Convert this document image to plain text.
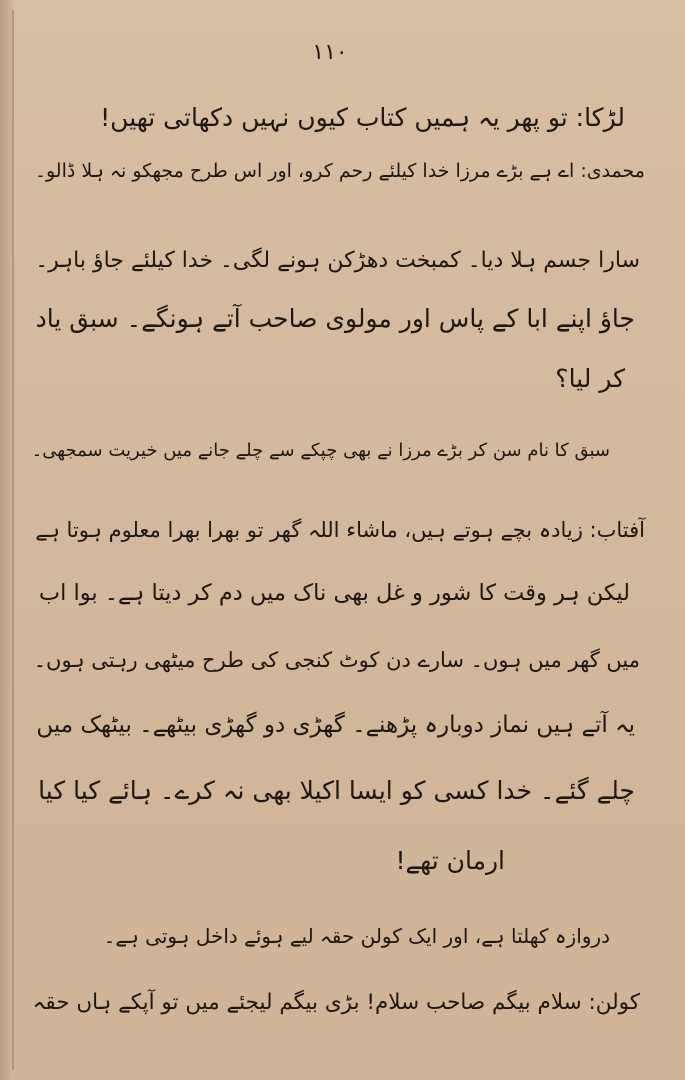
۱۱۰
لڑکا: تو پھر یہ ہمیں کتاب کیوں نہیں دکھاتی تھیں!
محمدی: اے ہے بڑے مرزا خدا کیلئے رحم کرو، اور اس طرح مجھکو نہ ہلا ڈالو۔
سارا جسم ہلا دیا۔ کمبخت دھڑکن ہونے لگی۔ خدا کیلئے جاؤ باہر۔
جاؤ اپنے ابا کے پاس اور مولوی صاحب آتے ہونگے۔ سبق یاد
کر لیا؟
سبق کا نام سن کر بڑے مرزا نے بھی چپکے سے چلے جانے میں خیریت سمجھی۔
آفتاب: زیادہ بچے ہوتے ہیں، ماشاء اللہ گھر تو بھرا بھرا معلوم ہوتا ہے
لیکن ہر وقت کا شور و غل بھی ناک میں دم کر دیتا ہے۔ بوا اب
میں گھر میں ہوں۔ سارے دن کوٹ کنجی کی طرح میٹھی رہتی ہوں۔
یہ آتے ہیں نماز دوبارہ پڑھنے۔ گھڑی دو گھڑی بیٹھے۔ بیٹھک میں
چلے گئے۔ خدا کسی کو ایسا اکیلا بھی نہ کرے۔ ہائے کیا کیا
ارمان تھے!
دروازہ کھلتا ہے، اور ایک کولن حقہ لیے ہوئے داخل ہوتی ہے۔
کولن: سلام بیگم صاحب سلام! بڑی بیگم لیجئے میں تو آپکے ہاں حقہ
